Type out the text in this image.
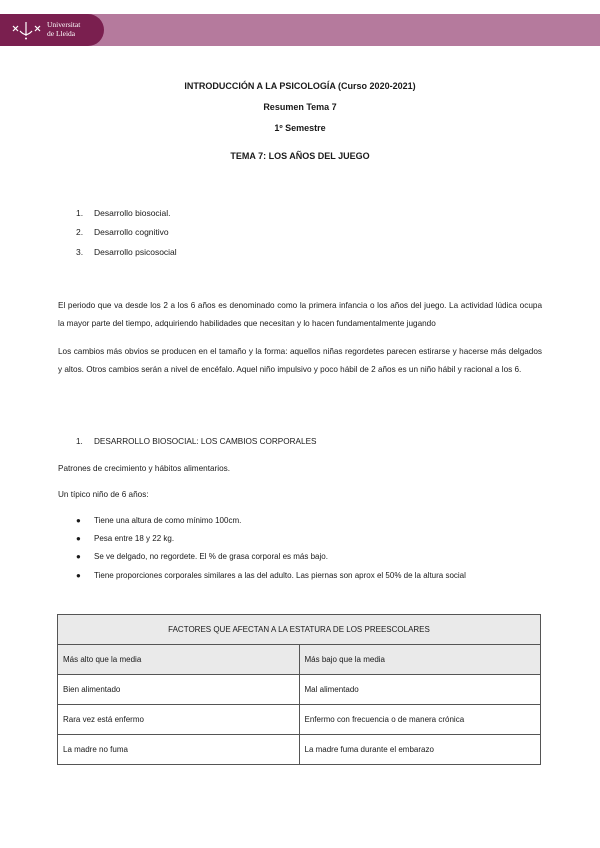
Universitat
de Lleida
INTRODUCCIÓN A LA PSICOLOGÍA (Curso 2020-2021)
Resumen Tema 7
1º Semestre
TEMA 7: LOS AÑOS DEL JUEGO
1. Desarrollo biosocial.
2. Desarrollo cognitivo
3. Desarrollo psicosocial
El periodo que va desde los 2 a los 6 años es denominado como la primera infancia o los años del juego. La actividad lúdica ocupa la mayor parte del tiempo, adquiriendo habilidades que necesitan y lo hacen fundamentalmente jugando
Los cambios más obvios se producen en el tamaño y la forma: aquellos niñas regordetes parecen estirarse y hacerse más delgados y altos. Otros cambios serán a nivel de encéfalo. Aquel niño impulsivo y poco hábil de 2 años es un niño hábil y racional a los 6.
1. DESARROLLO BIOSOCIAL: LOS CAMBIOS CORPORALES
Patrones de crecimiento y hábitos alimentarios.
Un típico niño de 6 años:
● Tiene una altura de como mínimo 100cm.
● Pesa entre 18 y 22 kg.
● Se ve delgado, no regordete. El % de grasa corporal es más bajo.
● Tiene proporciones corporales similares a las del adulto. Las piernas son aprox el 50% de la altura social
FACTORES QUE AFECTAN A LA ESTATURA DE LOS PREESCOLARES	
Más alto que la media	Más bajo que la media
Bien alimentado	Mal alimentado
Rara vez está enfermo	Enfermo con frecuencia o de manera crónica
La madre no fuma	La madre fuma durante el embarazo
